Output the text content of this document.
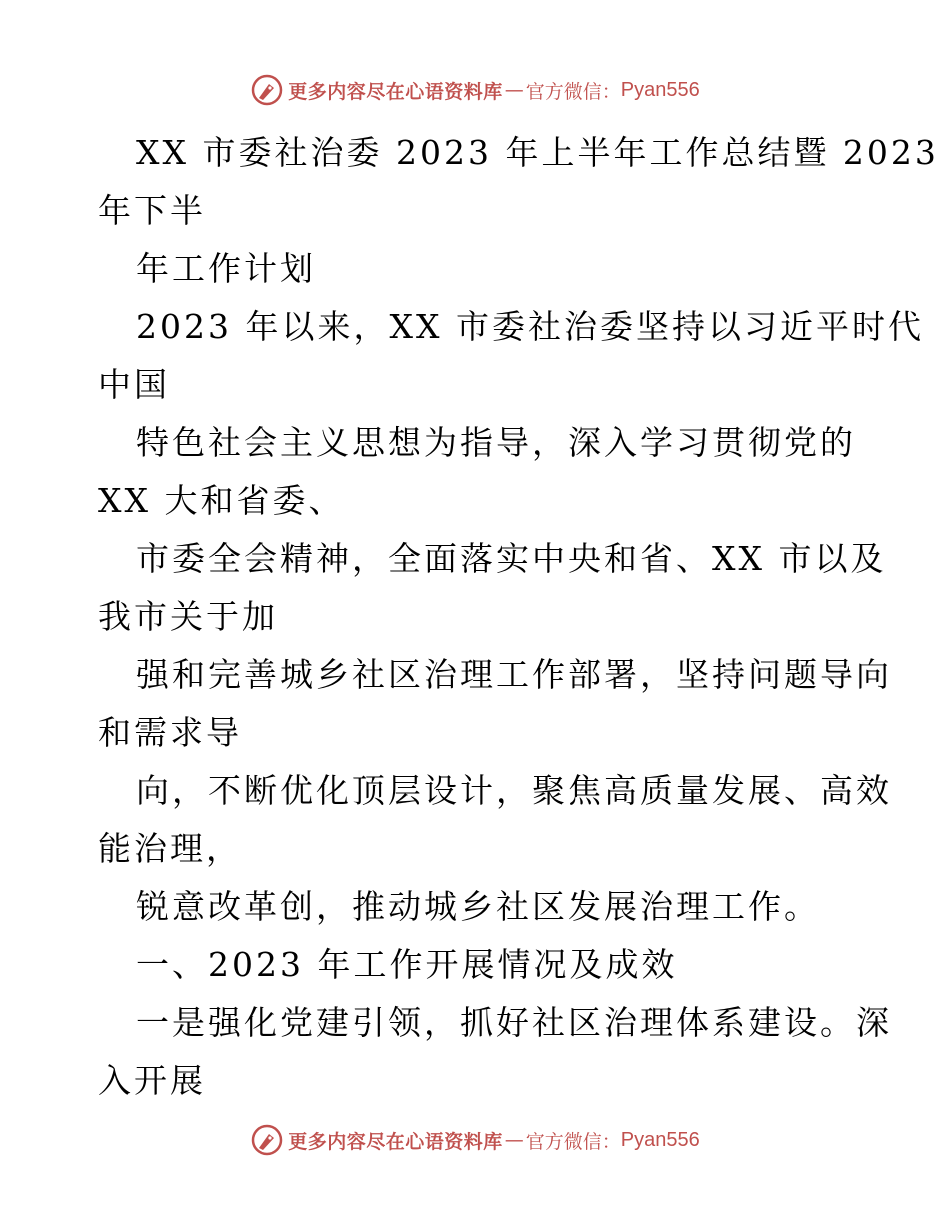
更多内容尽在心语资料库 — 官方微信： Pyan556
XX 市委社治委 2023 年上半年工作总结暨 2023
年下半
年工作计划
2023 年以来，XX 市委社治委坚持以习近平时代
中国
特色社会主义思想为指导，深入学习贯彻党的
XX 大和省委、
市委全会精神，全面落实中央和省、XX 市以及
我市关于加
强和完善城乡社区治理工作部署，坚持问题导向
和需求导
向，不断优化顶层设计，聚焦高质量发展、高效
能治理，
锐意改革创，推动城乡社区发展治理工作。
一、2023 年工作开展情况及成效
一是强化党建引领，抓好社区治理体系建设。深
入开展
更多内容尽在心语资料库 — 官方微信： Pyan556
